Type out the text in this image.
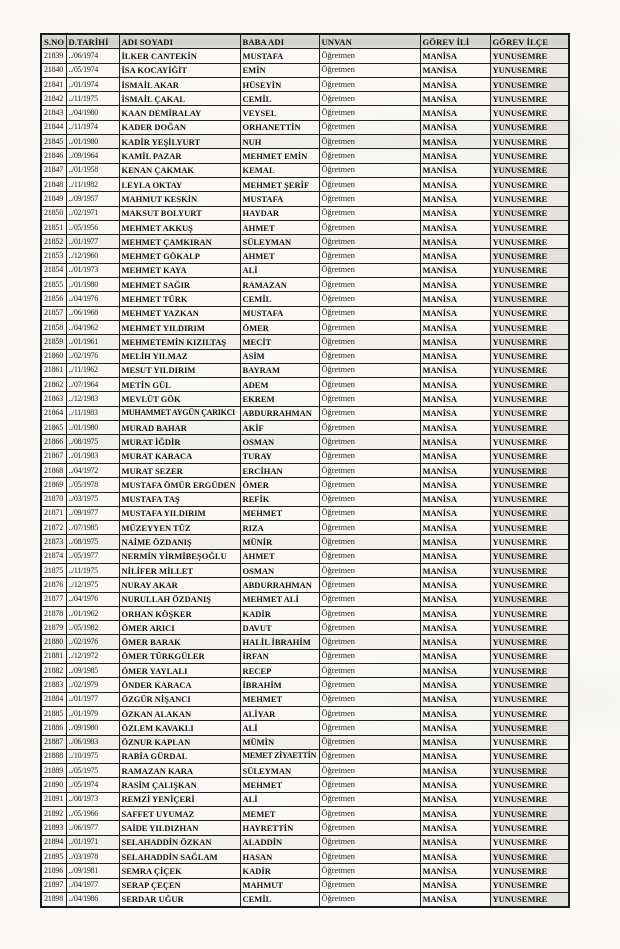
S.NO	D.TARİHİ	ADI SOYADI	BABA ADI	UNVAN	GÖREV İLİ	GÖREV İLÇE
21839	../06/1974	İLKER CANTEKİN	MUSTAFA	Öğretmen	MANİSA	YUNUSEMRE
21840	../05/1974	İSA KOCAYİĞİT	EMİN	Öğretmen	MANİSA	YUNUSEMRE
21841	../01/1974	İSMAİL AKAR	HÜSEYİN	Öğretmen	MANİSA	YUNUSEMRE
21842	../11/1975	İSMAİL ÇAKAL	CEMİL	Öğretmen	MANİSA	YUNUSEMRE
21843	../04/1980	KAAN DEMİRALAY	VEYSEL	Öğretmen	MANİSA	YUNUSEMRE
21844	../11/1974	KADER DOĞAN	ORHANETTİN	Öğretmen	MANİSA	YUNUSEMRE
21845	../01/1980	KADİR YEŞİLYURT	NUH	Öğretmen	MANİSA	YUNUSEMRE
21846	../09/1964	KAMİL PAZAR	MEHMET EMİN	Öğretmen	MANİSA	YUNUSEMRE
21847	../01/1958	KENAN ÇAKMAK	KEMAL	Öğretmen	MANİSA	YUNUSEMRE
21848	../11/1982	LEYLA OKTAY	MEHMET ŞERİF	Öğretmen	MANİSA	YUNUSEMRE
21849	../09/1957	MAHMUT KESKİN	MUSTAFA	Öğretmen	MANİSA	YUNUSEMRE
21850	../02/1971	MAKSUT BOLYURT	HAYDAR	Öğretmen	MANİSA	YUNUSEMRE
21851	../05/1956	MEHMET AKKUŞ	AHMET	Öğretmen	MANİSA	YUNUSEMRE
21852	../01/1977	MEHMET ÇAMKIRAN	SÜLEYMAN	Öğretmen	MANİSA	YUNUSEMRE
21853	../12/1960	MEHMET GÖKALP	AHMET	Öğretmen	MANİSA	YUNUSEMRE
21854	../01/1973	MEHMET KAYA	ALİ	Öğretmen	MANİSA	YUNUSEMRE
21855	../01/1980	MEHMET SAĞIR	RAMAZAN	Öğretmen	MANİSA	YUNUSEMRE
21856	../04/1976	MEHMET TÜRK	CEMİL	Öğretmen	MANİSA	YUNUSEMRE
21857	../06/1968	MEHMET YAZKAN	MUSTAFA	Öğretmen	MANİSA	YUNUSEMRE
21858	../04/1962	MEHMET YILDIRIM	ÖMER	Öğretmen	MANİSA	YUNUSEMRE
21859	../01/1961	MEHMETEMİN KIZILTAŞ	MECİT	Öğretmen	MANİSA	YUNUSEMRE
21860	../02/1976	MELİH YILMAZ	ASİM	Öğretmen	MANİSA	YUNUSEMRE
21861	../11/1962	MESUT YILDIRIM	BAYRAM	Öğretmen	MANİSA	YUNUSEMRE
21862	../07/1964	METİN GÜL	ADEM	Öğretmen	MANİSA	YUNUSEMRE
21863	../12/1983	MEVLÜT GÖK	EKREM	Öğretmen	MANİSA	YUNUSEMRE
21864	../11/1983	MUHAMMET AYGÜN ÇARIKCI	ABDURRAHMAN	Öğretmen	MANİSA	YUNUSEMRE
21865	../01/1980	MURAD BAHAR	AKİF	Öğretmen	MANİSA	YUNUSEMRE
21866	../08/1975	MURAT İĞDİR	OSMAN	Öğretmen	MANİSA	YUNUSEMRE
21867	../01/1983	MURAT KARACA	TURAY	Öğretmen	MANİSA	YUNUSEMRE
21868	../04/1972	MURAT SEZER	ERCİHAN	Öğretmen	MANİSA	YUNUSEMRE
21869	../05/1978	MUSTAFA ÖMÜR ERGÜDEN	ÖMER	Öğretmen	MANİSA	YUNUSEMRE
21870	../03/1975	MUSTAFA TAŞ	REFİK	Öğretmen	MANİSA	YUNUSEMRE
21871	../09/1977	MUSTAFA YILDIRIM	MEHMET	Öğretmen	MANİSA	YUNUSEMRE
21872	../07/1985	MÜZEYYEN TÜZ	RIZA	Öğretmen	MANİSA	YUNUSEMRE
21873	../08/1975	NAİME ÖZDANIŞ	MÜNİR	Öğretmen	MANİSA	YUNUSEMRE
21874	../05/1977	NERMİN YİRMİBEŞOĞLU	AHMET	Öğretmen	MANİSA	YUNUSEMRE
21875	../11/1975	NİLİFER MİLLET	OSMAN	Öğretmen	MANİSA	YUNUSEMRE
21876	../12/1975	NURAY AKAR	ABDURRAHMAN	Öğretmen	MANİSA	YUNUSEMRE
21877	../04/1976	NURULLAH ÖZDANIŞ	MEHMET ALİ	Öğretmen	MANİSA	YUNUSEMRE
21878	../01/1962	ORHAN KÖŞKER	KADİR	Öğretmen	MANİSA	YUNUSEMRE
21879	../05/1982	ÖMER ARICI	DAVUT	Öğretmen	MANİSA	YUNUSEMRE
21880	../02/1976	ÖMER BARAK	HALİL İBRAHİM	Öğretmen	MANİSA	YUNUSEMRE
21881	../12/1972	ÖMER TÜRKGÜLER	İRFAN	Öğretmen	MANİSA	YUNUSEMRE
21882	../09/1985	ÖMER YAYLALI	RECEP	Öğretmen	MANİSA	YUNUSEMRE
21883	../02/1979	ÖNDER KARACA	İBRAHİM	Öğretmen	MANİSA	YUNUSEMRE
21884	../01/1977	ÖZGÜR NİŞANCI	MEHMET	Öğretmen	MANİSA	YUNUSEMRE
21885	../01/1979	ÖZKAN ALAKAN	ALİYAR	Öğretmen	MANİSA	YUNUSEMRE
21886	../09/1980	ÖZLEM KAVAKLI	ALİ	Öğretmen	MANİSA	YUNUSEMRE
21887	../06/1983	ÖZNUR KAPLAN	MÜMİN	Öğretmen	MANİSA	YUNUSEMRE
21888	../10/1975	RABİA GÜRDAL	MEMET ZİYAETTİN	Öğretmen	MANİSA	YUNUSEMRE
21889	../05/1975	RAMAZAN KARA	SÜLEYMAN	Öğretmen	MANİSA	YUNUSEMRE
21890	../05/1974	RASİM ÇALIŞKAN	MEHMET	Öğretmen	MANİSA	YUNUSEMRE
21891	../08/1973	REMZİ YENİÇERİ	ALİ	Öğretmen	MANİSA	YUNUSEMRE
21892	../05/1966	SAFFET UYUMAZ	MEMET	Öğretmen	MANİSA	YUNUSEMRE
21893	../06/1977	SAİDE YILDIZHAN	HAYRETTİN	Öğretmen	MANİSA	YUNUSEMRE
21894	../01/1971	SELAHADDİN ÖZKAN	ALADDİN	Öğretmen	MANİSA	YUNUSEMRE
21895	../03/1978	SELAHADDİN SAĞLAM	HASAN	Öğretmen	MANİSA	YUNUSEMRE
21896	../09/1981	SEMRA ÇİÇEK	KADİR	Öğretmen	MANİSA	YUNUSEMRE
21897	../04/1977	SERAP ÇEÇEN	MAHMUT	Öğretmen	MANİSA	YUNUSEMRE
21898	../04/1986	SERDAR UĞUR	CEMİL	Öğretmen	MANİSA	YUNUSEMRE
